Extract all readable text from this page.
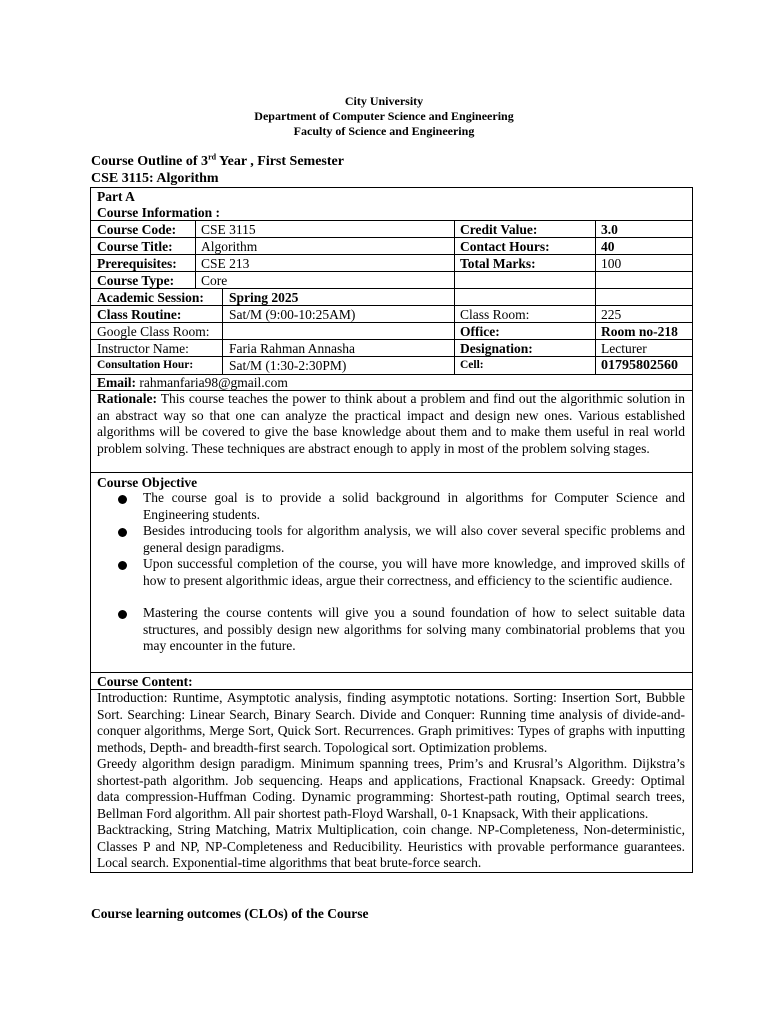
City University
Department of Computer Science and Engineering
Faculty of Science and Engineering
Course Outline of 3rd Year , First Semester
CSE 3115: Algorithm
Part A
Course Information :
Course Code: CSE 3115	Credit Value:	3.0
Course Title: Algorithm	Contact Hours:	40
Prerequisites: CSE 213	Total Marks:	100
Course Type: Core
Academic Session: Spring 2025
Class Routine:	Sat/M (9:00-10:25AM)	Class Room:	225
Google Class Room:	Office:	Room no-218
Instructor Name:	Faria Rahman Annasha	Designation:	Lecturer
Consultation Hour:	Sat/M (1:30-2:30PM)	Cell:	01795802560
Email: rahmanfaria98@gmail.com
Rationale: This course teaches the power to think about a problem and find out the algorithmic solution in an abstract way so that one can analyze the practical impact and design new ones. Various established algorithms will be covered to give the base knowledge about them and to make them useful in real world problem solving. These techniques are abstract enough to apply in most of the problem solving stages.
Course Objective
The course goal is to provide a solid background in algorithms for Computer Science and Engineering students.
Besides introducing tools for algorithm analysis, we will also cover several specific problems and general design paradigms.
Upon successful completion of the course, you will have more knowledge, and improved skills of how to present algorithmic ideas, argue their correctness, and efficiency to the scientific audience.
Mastering the course contents will give you a sound foundation of how to select suitable data structures, and possibly design new algorithms for solving many combinatorial problems that you may encounter in the future.
Course Content:
Introduction: Runtime, Asymptotic analysis, finding asymptotic notations. Sorting: Insertion Sort, Bubble Sort. Searching: Linear Search, Binary Search. Divide and Conquer: Running time analysis of divide-and-conquer algorithms, Merge Sort, Quick Sort. Recurrences. Graph primitives: Types of graphs with inputting methods, Depth- and breadth-first search. Topological sort. Optimization problems.
Greedy algorithm design paradigm. Minimum spanning trees, Prim’s and Krusral’s Algorithm. Dijkstra’s shortest-path algorithm. Job sequencing. Heaps and applications, Fractional Knapsack. Greedy: Optimal data compression-Huffman Coding. Dynamic programming: Shortest-path routing, Optimal search trees, Bellman Ford algorithm. All pair shortest path-Floyd Warshall, 0-1 Knapsack, With their applications.
Backtracking, String Matching, Matrix Multiplication, coin change. NP-Completeness, Non-deterministic, Classes P and NP, NP-Completeness and Reducibility. Heuristics with provable performance guarantees. Local search. Exponential-time algorithms that beat brute-force search.
Course learning outcomes (CLOs) of the Course
